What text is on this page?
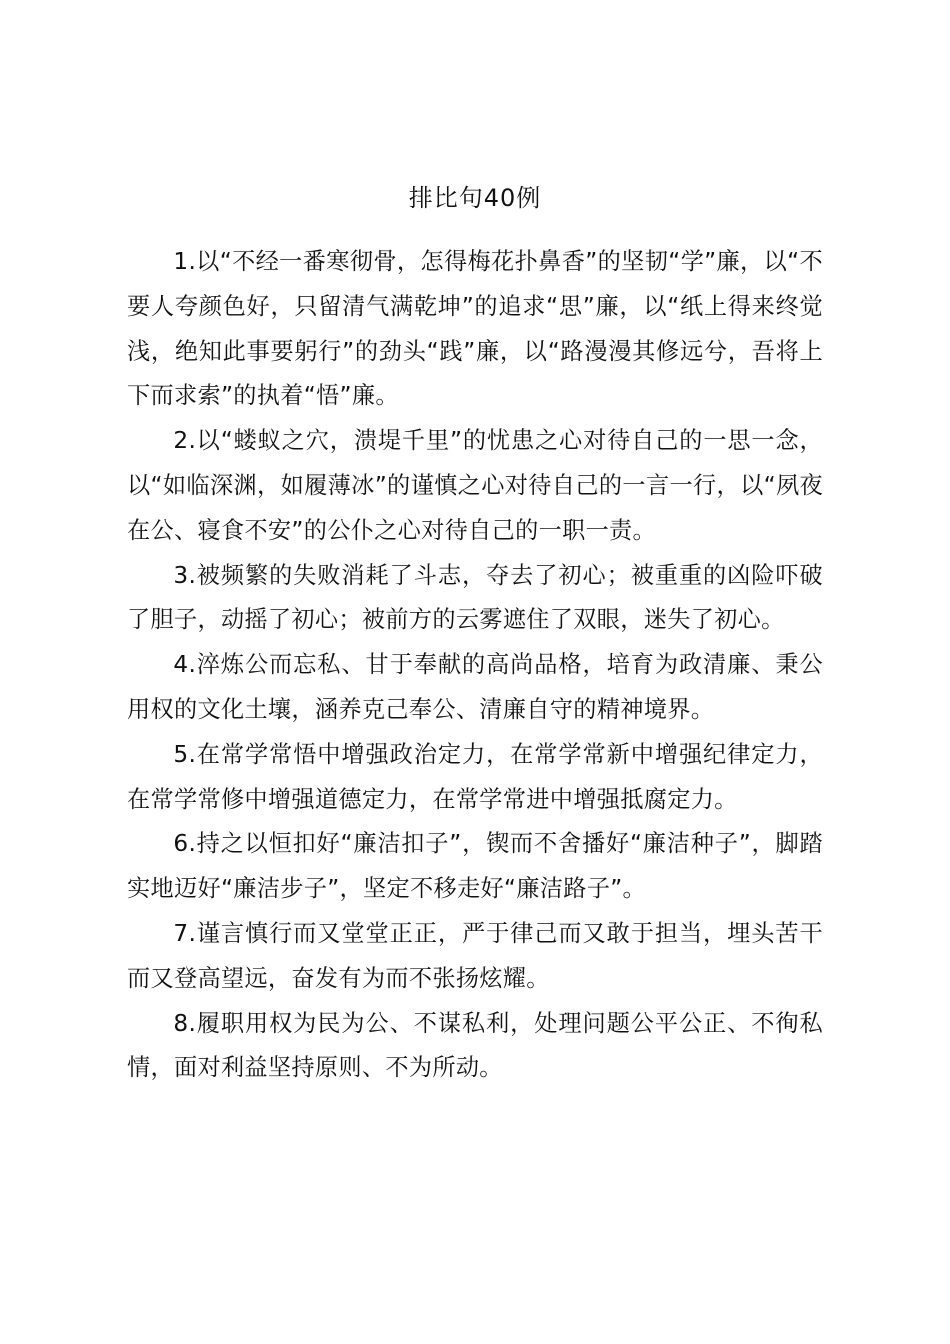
排比句40例

1.以“不经一番寒彻骨，怎得梅花扑鼻香”的坚韧“学”廉，以“不要人夸颜色好，只留清气满乾坤”的追求“思”廉，以“纸上得来终觉浅，绝知此事要躬行”的劲头“践”廉，以“路漫漫其修远兮，吾将上下而求索”的执着“悟”廉。

2.以“蝼蚁之穴，溃堤千里”的忧患之心对待自己的一思一念，以“如临深渊，如履薄冰”的谨慎之心对待自己的一言一行，以“夙夜在公、寝食不安”的公仆之心对待自己的一职一责。

3.被频繁的失败消耗了斗志，夺去了初心；被重重的凶险吓破了胆子，动摇了初心；被前方的云雾遮住了双眼，迷失了初心。

4.淬炼公而忘私、甘于奉献的高尚品格，培育为政清廉、秉公用权的文化土壤，涵养克己奉公、清廉自守的精神境界。

5.在常学常悟中增强政治定力，在常学常新中增强纪律定力，在常学常修中增强道德定力，在常学常进中增强抵腐定力。

6.持之以恒扣好“廉洁扣子”，锲而不舍播好“廉洁种子”，脚踏实地迈好“廉洁步子”，坚定不移走好“廉洁路子”。

7.谨言慎行而又堂堂正正，严于律己而又敢于担当，埋头苦干而又登高望远，奋发有为而不张扬炫耀。

8.履职用权为民为公、不谋私利，处理问题公平公正、不徇私情，面对利益坚持原则、不为所动。
